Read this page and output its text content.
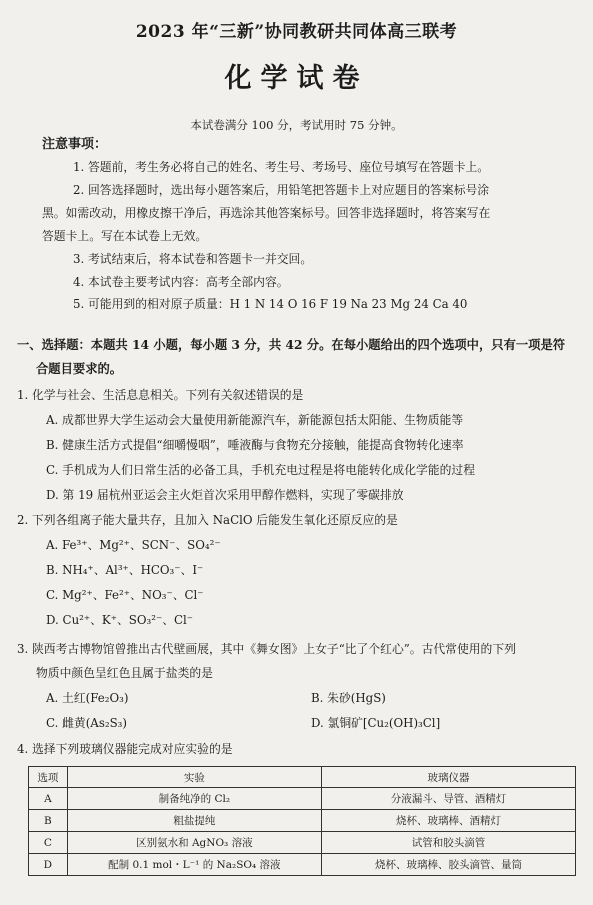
2023 年“三新”协同教研共同体高三联考
化学试卷
本试卷满分 100 分，考试用时 75 分钟。
注意事项：
1. 答题前，考生务必将自己的姓名、考生号、考场号、座位号填写在答题卡上。
2. 回答选择题时，选出每小题答案后，用铅笔把答题卡上对应题目的答案标号涂
黑。如需改动，用橡皮擦干净后，再选涂其他答案标号。回答非选择题时，将答案写在
答题卡上。写在本试卷上无效。
3. 考试结束后，将本试卷和答题卡一并交回。
4. 本试卷主要考试内容：高考全部内容。
5. 可能用到的相对原子质量：H 1 N 14 O 16 F 19 Na 23 Mg 24 Ca 40
一、选择题：本题共 14 小题，每小题 3 分，共 42 分。在每小题给出的四个选项中，只有一项是符
合题目要求的。
1. 化学与社会、生活息息相关。下列有关叙述错误的是
A. 成都世界大学生运动会大量使用新能源汽车，新能源包括太阳能、生物质能等
B. 健康生活方式提倡“细嚼慢咽”，唾液酶与食物充分接触，能提高食物转化速率
C. 手机成为人们日常生活的必备工具，手机充电过程是将电能转化成化学能的过程
D. 第 19 届杭州亚运会主火炬首次采用甲醇作燃料，实现了零碳排放
2. 下列各组离子能大量共存，且加入 NaClO 后能发生氧化还原反应的是
A. Fe³⁺、Mg²⁺、SCN⁻、SO₄²⁻
B. NH₄⁺、Al³⁺、HCO₃⁻、I⁻
C. Mg²⁺、Fe²⁺、NO₃⁻、Cl⁻
D. Cu²⁺、K⁺、SO₃²⁻、Cl⁻
3. 陕西考古博物馆曾推出古代壁画展，其中《舞女图》上女子“比了个红心”。古代常使用的下列
物质中颜色呈红色且属于盐类的是
A. 土红(Fe₂O₃)	B. 朱砂(HgS)
C. 雌黄(As₂S₃)	D. 氯铜矿[Cu₂(OH)₃Cl]
4. 选择下列玻璃仪器能完成对应实验的是
选项	实验	玻璃仪器
A	制备纯净的 Cl₂	分液漏斗、导管、酒精灯
B	粗盐提纯	烧杯、玻璃棒、酒精灯
C	区别氨水和 AgNO₃ 溶液	试管和胶头滴管
D	配制 0.1 mol・L⁻¹ 的 Na₂SO₄ 溶液	烧杯、玻璃棒、胶头滴管、量筒
